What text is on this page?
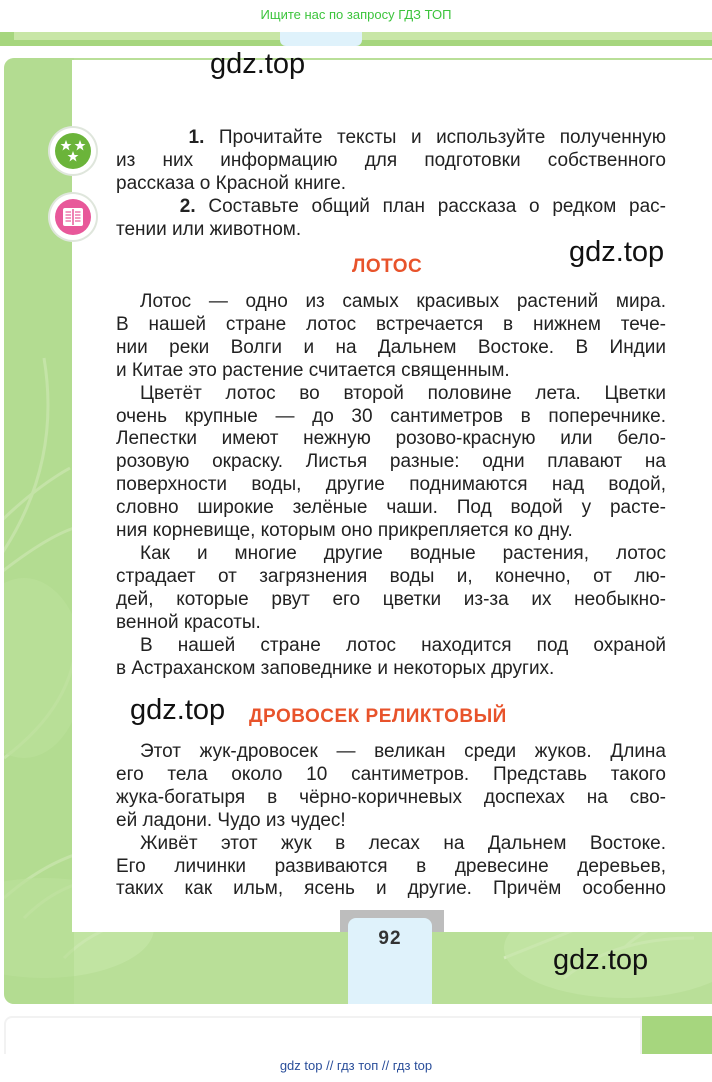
Ищите нас по запросу ГДЗ ТОП
gdz.top
gdz.top
gdz.top
gdz.top
1. Прочитайте тексты и используйте полученную
из них информацию для подготовки собственного
рассказа о Красной книге.
2. Составьте общий план рассказа о редком рас-
тении или животном.
ЛОТОС
Лотос — одно из самых красивых растений мира.
В нашей стране лотос встречается в нижнем тече-
нии реки Волги и на Дальнем Востоке. В Индии
и Китае это растение считается священным.
Цветёт лотос во второй половине лета. Цветки
очень крупные — до 30 сантиметров в поперечнике.
Лепестки имеют нежную розово-красную или бело-
розовую окраску. Листья разные: одни плавают на
поверхности воды, другие поднимаются над водой,
словно широкие зелёные чаши. Под водой у расте-
ния корневище, которым оно прикрепляется ко дну.
Как и многие другие водные растения, лотос
страдает от загрязнения воды и, конечно, от лю-
дей, которые рвут его цветки из-за их необыкно-
венной красоты.
В нашей стране лотос находится под охраной
в Астраханском заповеднике и некоторых других.
ДРОВОСЕК РЕЛИКТОВЫЙ
Этот жук-дровосек — великан среди жуков. Длина
его тела около 10 сантиметров. Представь такого
жука-богатыря в чёрно-коричневых доспехах на сво-
ей ладони. Чудо из чудес!
Живёт этот жук в лесах на Дальнем Востоке.
Его личинки развиваются в древесине деревьев,
таких как ильм, ясень и другие. Причём особенно
92
gdz top // гдз топ // гдз top
